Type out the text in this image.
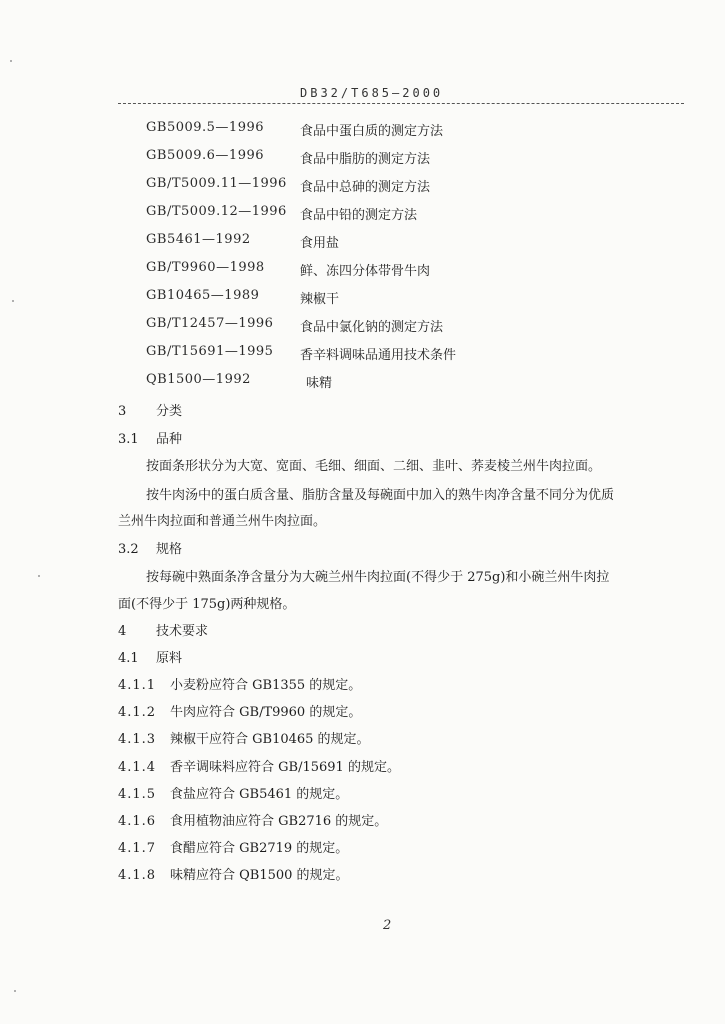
DB32/T685—2000
GB5009.5—1996	食品中蛋白质的测定方法
GB5009.6—1996	食品中脂肪的测定方法
GB/T5009.11—1996 食品中总砷的测定方法
GB/T5009.12—1996 食品中铅的测定方法
GB5461—1992	食用盐
GB/T9960—1998	鲜、冻四分体带骨牛肉
GB10465—1989	辣椒干
GB/T12457—1996 食品中氯化钠的测定方法
GB/T15691—1995 香辛料调味品通用技术条件
QB1500—1992	味精
3 分类
3.1 品种
按面条形状分为大宽、宽面、毛细、细面、二细、韭叶、荞麦棱兰州牛肉拉面。
按牛肉汤中的蛋白质含量、脂肪含量及每碗面中加入的熟牛肉净含量不同分为优质
兰州牛肉拉面和普通兰州牛肉拉面。
3.2 规格
按每碗中熟面条净含量分为大碗兰州牛肉拉面(不得少于 275g)和小碗兰州牛肉拉
面(不得少于 175g)两种规格。
4 技术要求
4.1 原料
4.1.1 小麦粉应符合 GB1355 的规定。
4.1.2 牛肉应符合 GB/T9960 的规定。
4.1.3 辣椒干应符合 GB10465 的规定。
4.1.4 香辛调味料应符合 GB/15691 的规定。
4.1.5 食盐应符合 GB5461 的规定。
4.1.6 食用植物油应符合 GB2716 的规定。
4.1.7 食醋应符合 GB2719 的规定。
4.1.8 味精应符合 QB1500 的规定。
2
